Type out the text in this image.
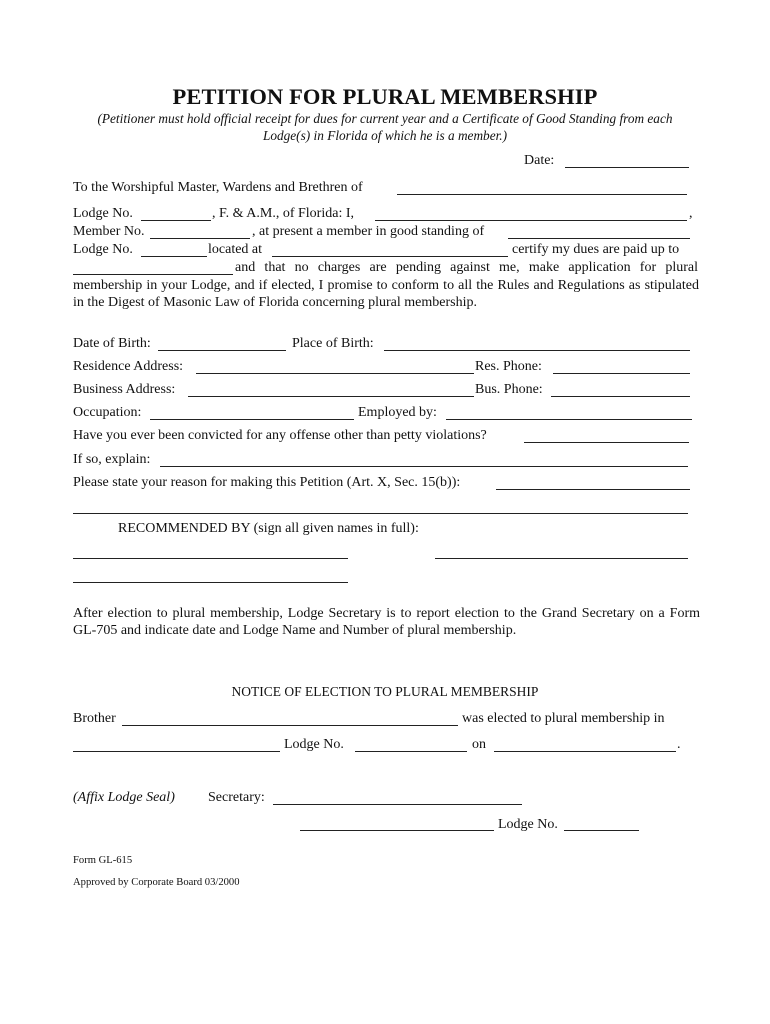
PETITION FOR PLURAL MEMBERSHIP
(Petitioner must hold official receipt for dues for current year and a Certificate of Good Standing from each
Lodge(s) in Florida of which he is a member.)
Date:
To the Worshipful Master, Wardens and Brethren of
Lodge No.	, F. & A.M., of Florida: I,	,
Member No.	, at present a member in good standing of
Lodge No.	located at	certify my dues are paid up to
and that no charges are pending against me, make application for plural
membership in your Lodge, and if elected, I promise to conform to all the Rules and Regulations as stipulated in the Digest of Masonic Law of Florida concerning plural membership.
Date of Birth:	Place of Birth:
Residence Address:	Res. Phone:
Business Address:	Bus. Phone:
Occupation:	Employed by:
Have you ever been convicted for any offense other than petty violations?
If so, explain:
Please state your reason for making this Petition (Art. X, Sec. 15(b)):
RECOMMENDED BY (sign all given names in full):
After election to plural membership, Lodge Secretary is to report election to the Grand Secretary on a Form GL-705 and indicate date and Lodge Name and Number of plural membership.
NOTICE OF ELECTION TO PLURAL MEMBERSHIP
Brother	was elected to plural membership in
Lodge No.	on	.
(Affix Lodge Seal) Secretary:
Lodge No.
Form GL-615
Approved by Corporate Board 03/2000
